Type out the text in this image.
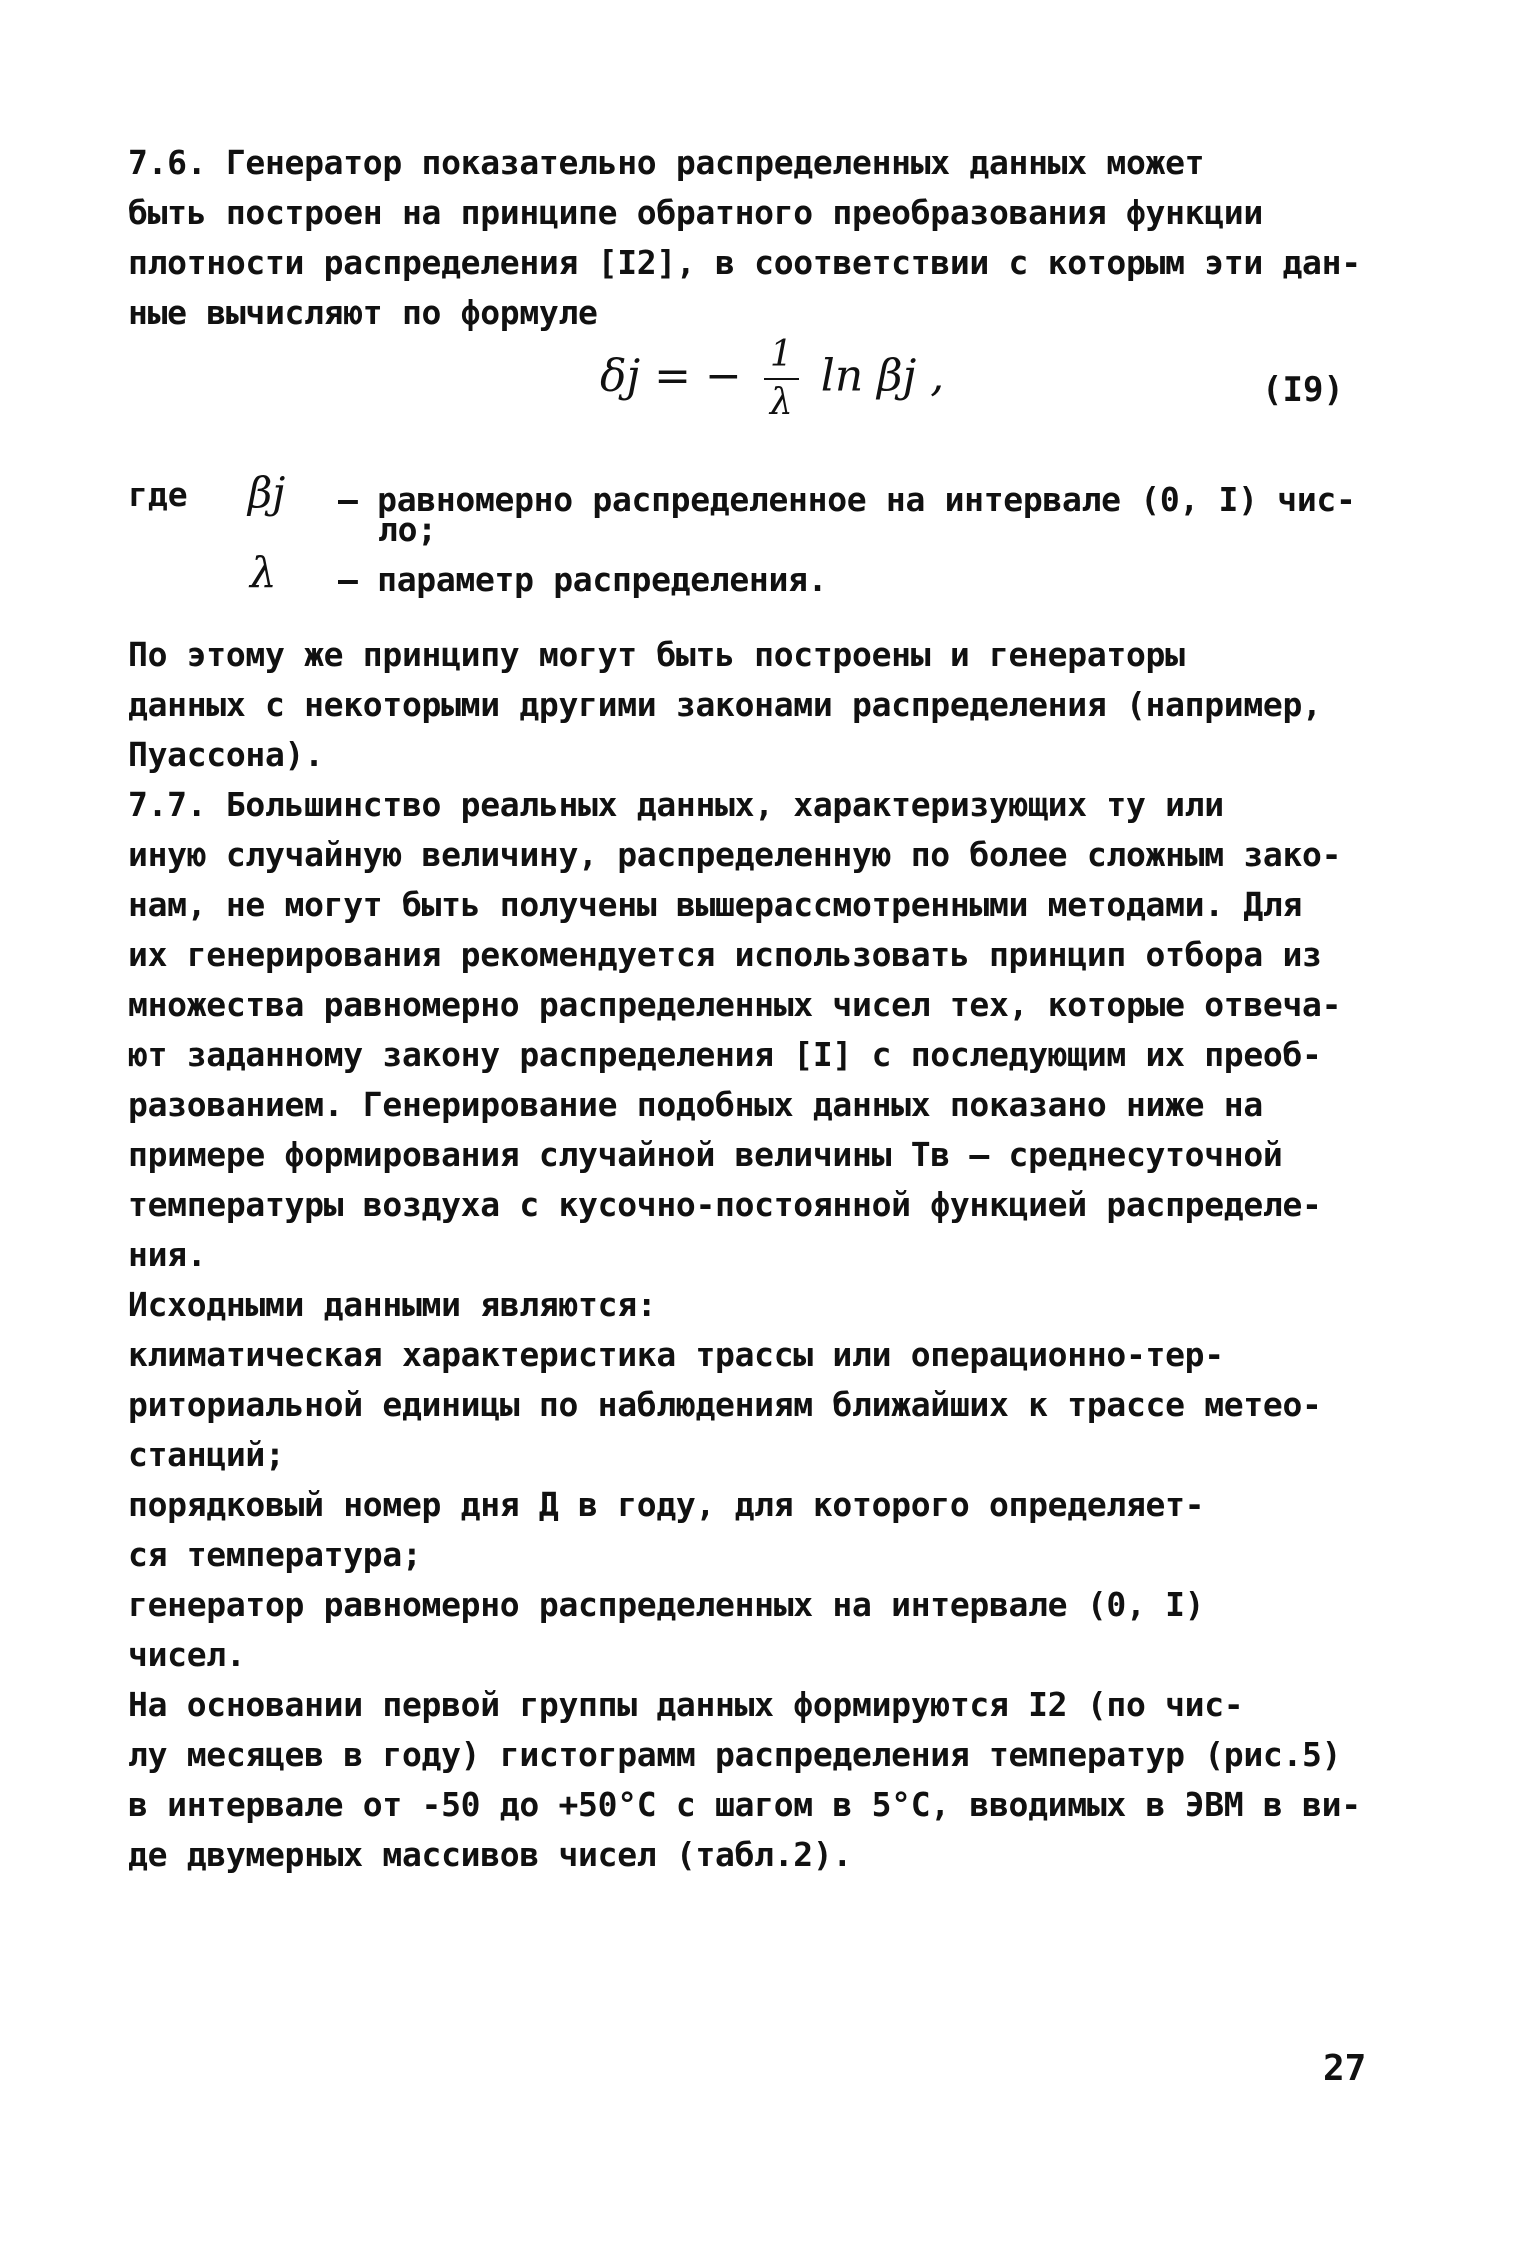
7.6. Генератор показательно распределенных данных может
быть построен на принципе обратного преобразования функции
плотности распределения [I2], в соответствии с которым эти дан-
ные вычисляют по формуле
δj = − $\frac{1}{\lambda}$ ln βj ,	(I9)
где βj – равномерно распределенное на интервале (0, I) чис-
ло;
λ – параметр распределения.
По этому же принципу могут быть построены и генераторы
данных с некоторыми другими законами распределения (например,
Пуассона).
7.7. Большинство реальных данных, характеризующих ту или
иную случайную величину, распределенную по более сложным зако-
нам, не могут быть получены вышерассмотренными методами. Для
их генерирования рекомендуется использовать принцип отбора из
множества равномерно распределенных чисел тех, которые отвеча-
ют заданному закону распределения [I] с последующим их преоб-
разованием. Генерирование подобных данных показано ниже на
примере формирования случайной величины Tв – среднесуточной
температуры воздуха с кусочно-постоянной функцией распределе-
ния.
Исходными данными являются:
климатическая характеристика трассы или операционно-тер-
риториальной единицы по наблюдениям ближайших к трассе метео-
станций;
порядковый номер дня Д в году, для которого определяет-
ся температура;
генератор равномерно распределенных на интервале (0, I)
чисел.
На основании первой группы данных формируются I2 (по чис-
лу месяцев в году) гистограмм распределения температур (рис.5)
в интервале от -50 до +50°С с шагом в 5°С, вводимых в ЭВМ в ви-
де двумерных массивов чисел (табл.2).
27
